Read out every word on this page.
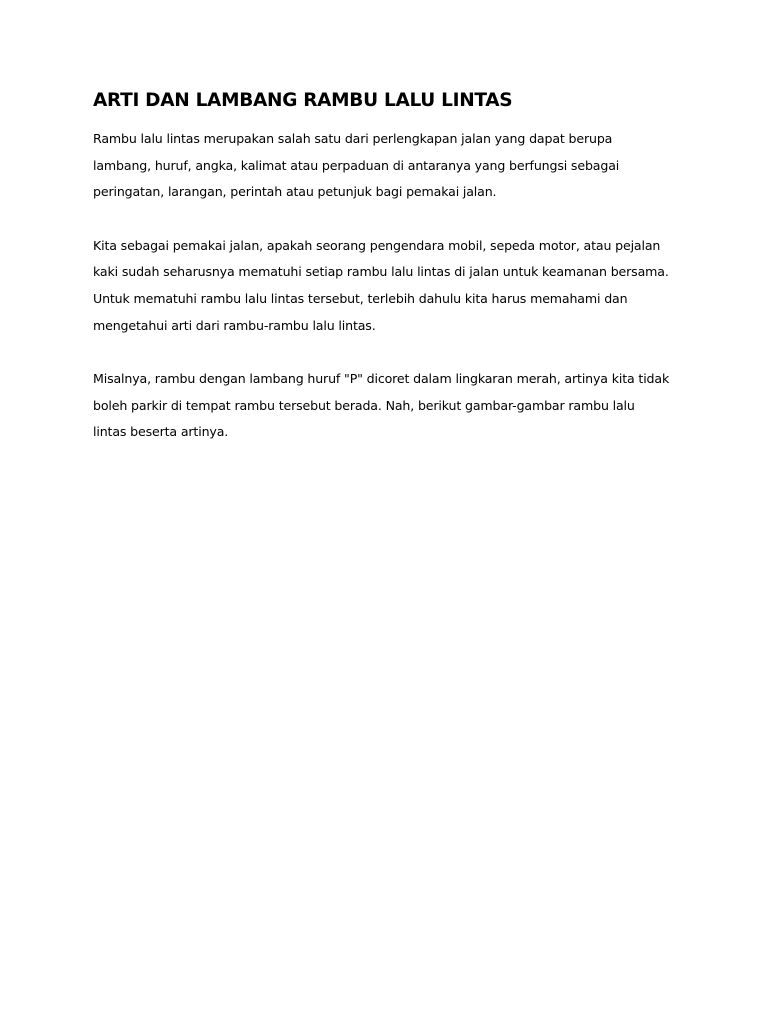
ARTI DAN LAMBANG RAMBU LALU LINTAS

Rambu lalu lintas merupakan salah satu dari perlengkapan jalan yang dapat berupa
lambang, huruf, angka, kalimat atau perpaduan di antaranya yang berfungsi sebagai
peringatan, larangan, perintah atau petunjuk bagi pemakai jalan.

Kita sebagai pemakai jalan, apakah seorang pengendara mobil, sepeda motor, atau pejalan
kaki sudah seharusnya mematuhi setiap rambu lalu lintas di jalan untuk keamanan bersama.
Untuk mematuhi rambu lalu lintas tersebut, terlebih dahulu kita harus memahami dan
mengetahui arti dari rambu-rambu lalu lintas.

Misalnya, rambu dengan lambang huruf "P" dicoret dalam lingkaran merah, artinya kita tidak
boleh parkir di tempat rambu tersebut berada. Nah, berikut gambar-gambar rambu lalu
lintas beserta artinya.
